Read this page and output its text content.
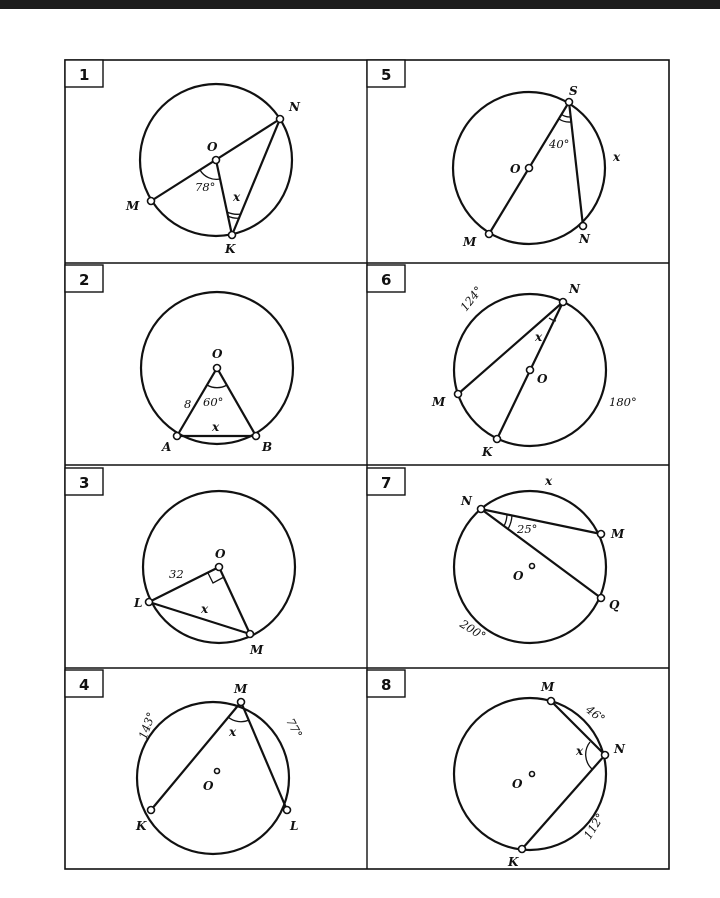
1
O
N
M
K
78°
x
2
O
A	B
8 60°
x
3
O
L
M
32
x
4	M
K	L
O
x
143°	77°
5
S
O
M	N
40°
x
6	N
O
M
K
x
124°
180°
7
N
M
Q
O
25°
x
200°
8	M
N
K
O
x
46°
112°
